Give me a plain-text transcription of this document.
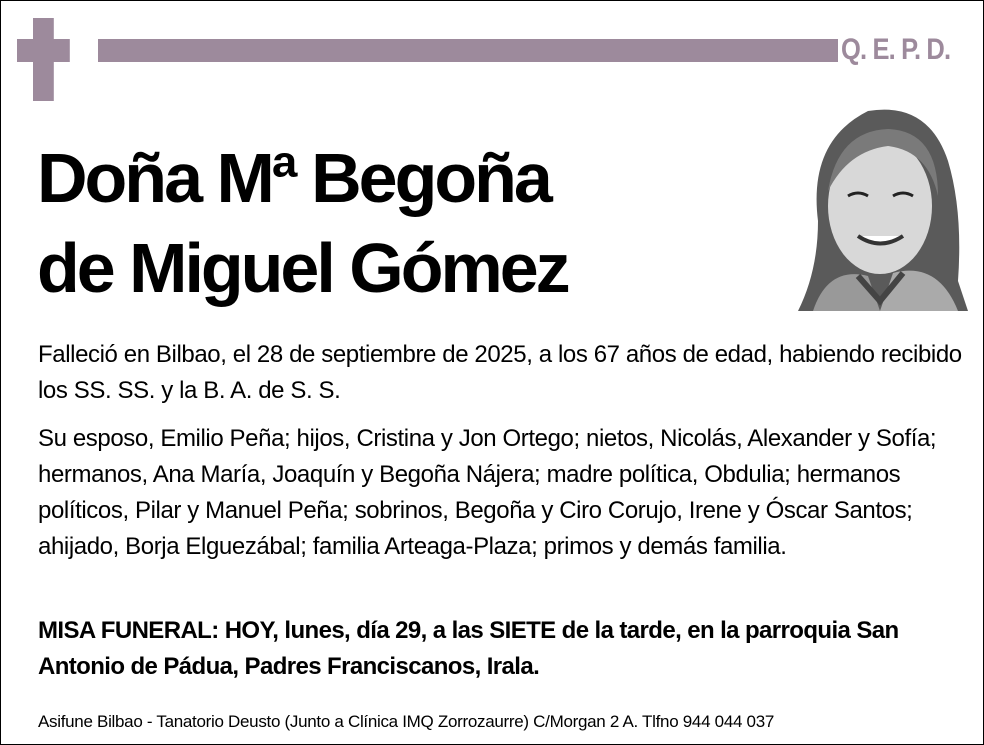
Q. E. P. D.
Doña Mª Begoña
de Miguel Gómez
Falleció en Bilbao, el 28 de septiembre de 2025, a los 67 años de edad, habiendo recibido los SS. SS. y la B. A. de S. S.
Su esposo, Emilio Peña; hijos, Cristina y Jon Ortego; nietos, Nicolás, Alexander y Sofía; hermanos, Ana María, Joaquín y Begoña Nájera; madre política, Obdulia; hermanos políticos, Pilar y Manuel Peña; sobrinos, Begoña y Ciro Corujo, Irene y Óscar Santos; ahijado, Borja Elguezábal; familia Arteaga-Plaza; primos y demás familia.
MISA FUNERAL: HOY, lunes, día 29, a las SIETE de la tarde, en la parroquia San Antonio de Pádua, Padres Franciscanos, Irala.
Asifune Bilbao - Tanatorio Deusto (Junto a Clínica IMQ Zorrozaurre) C/Morgan 2 A. Tlfno 944 044 037
